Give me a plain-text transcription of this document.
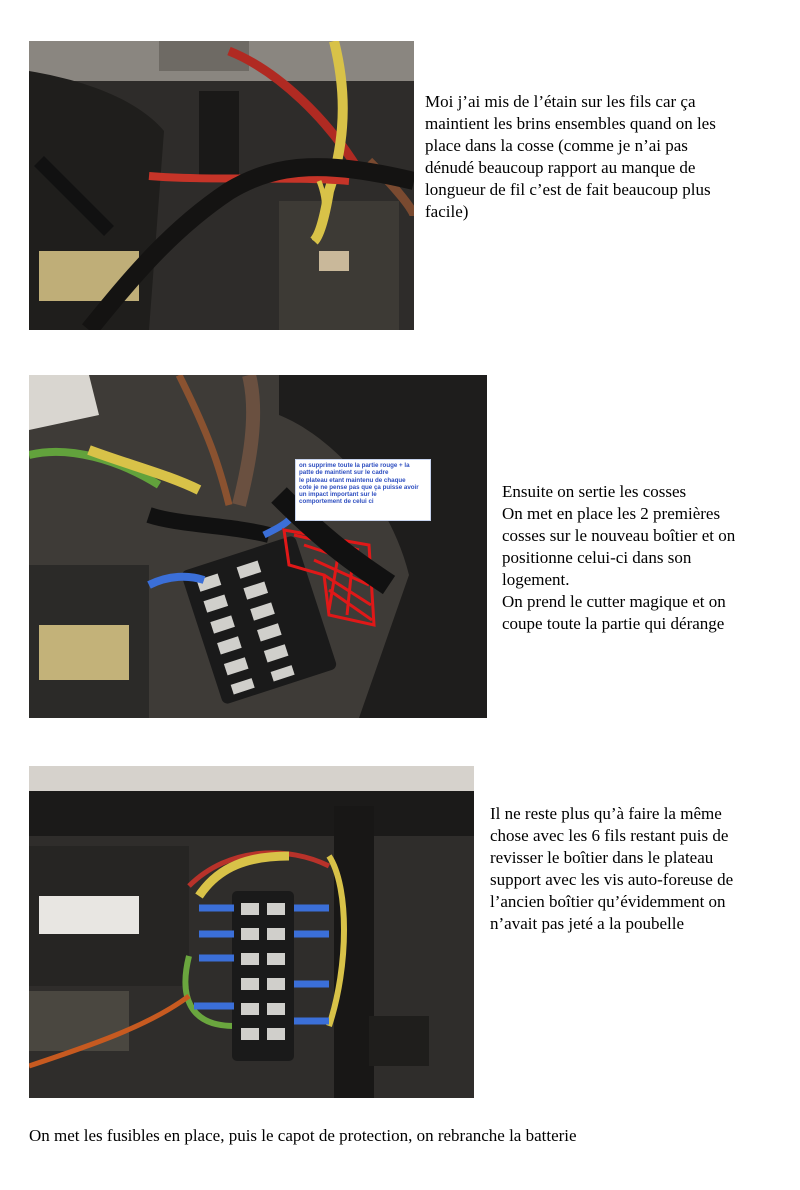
Moi j’ai mis de l’étain sur les fils car ça
maintient les brins ensembles quand on les
place dans la cosse (comme je n’ai pas
dénudé beaucoup rapport au manque de
longueur de fil c’est de fait beaucoup plus
facile)
on supprime toute la partie rouge + la
patte de maintient sur le cadre
le plateau etant maintenu de chaque
cote je ne pense pas que ça puisse avoir
un impact important sur le
comportement de celui ci
Ensuite on sertie les cosses
On met en place les 2 premières
cosses sur le nouveau boîtier et on
positionne celui-ci dans son
logement.
On prend le cutter magique et on
coupe toute la partie qui dérange
Il ne reste plus qu’à faire la même
chose avec les 6 fils restant puis de
revisser le boîtier dans le plateau
support avec les vis auto-foreuse de
l’ancien boîtier qu’évidemment on
n’avait pas jeté a la poubelle
On met les fusibles en place, puis le capot de protection, on rebranche la batterie
